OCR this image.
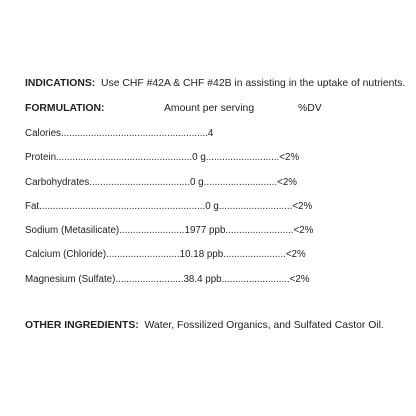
INDICATIONS: Use CHF #42A & CHF #42B in assisting in the uptake of nutrients.
FORMULATION:	Amount per serving	%DV
Calories......................................................4
Protein..................................................0 g...........................<2%
Carbohydrates.....................................0 g...........................<2%
Fat.............................................................0 g...........................<2%
Sodium (Metasilicate)........................1977 ppb.........................<2%
Calcium (Chloride)...........................10.18 ppb.......................<2%
Magnesium (Sulfate).........................38.4 ppb.........................<2%
OTHER INGREDIENTS: Water, Fossilized Organics, and Sulfated Castor Oil.
